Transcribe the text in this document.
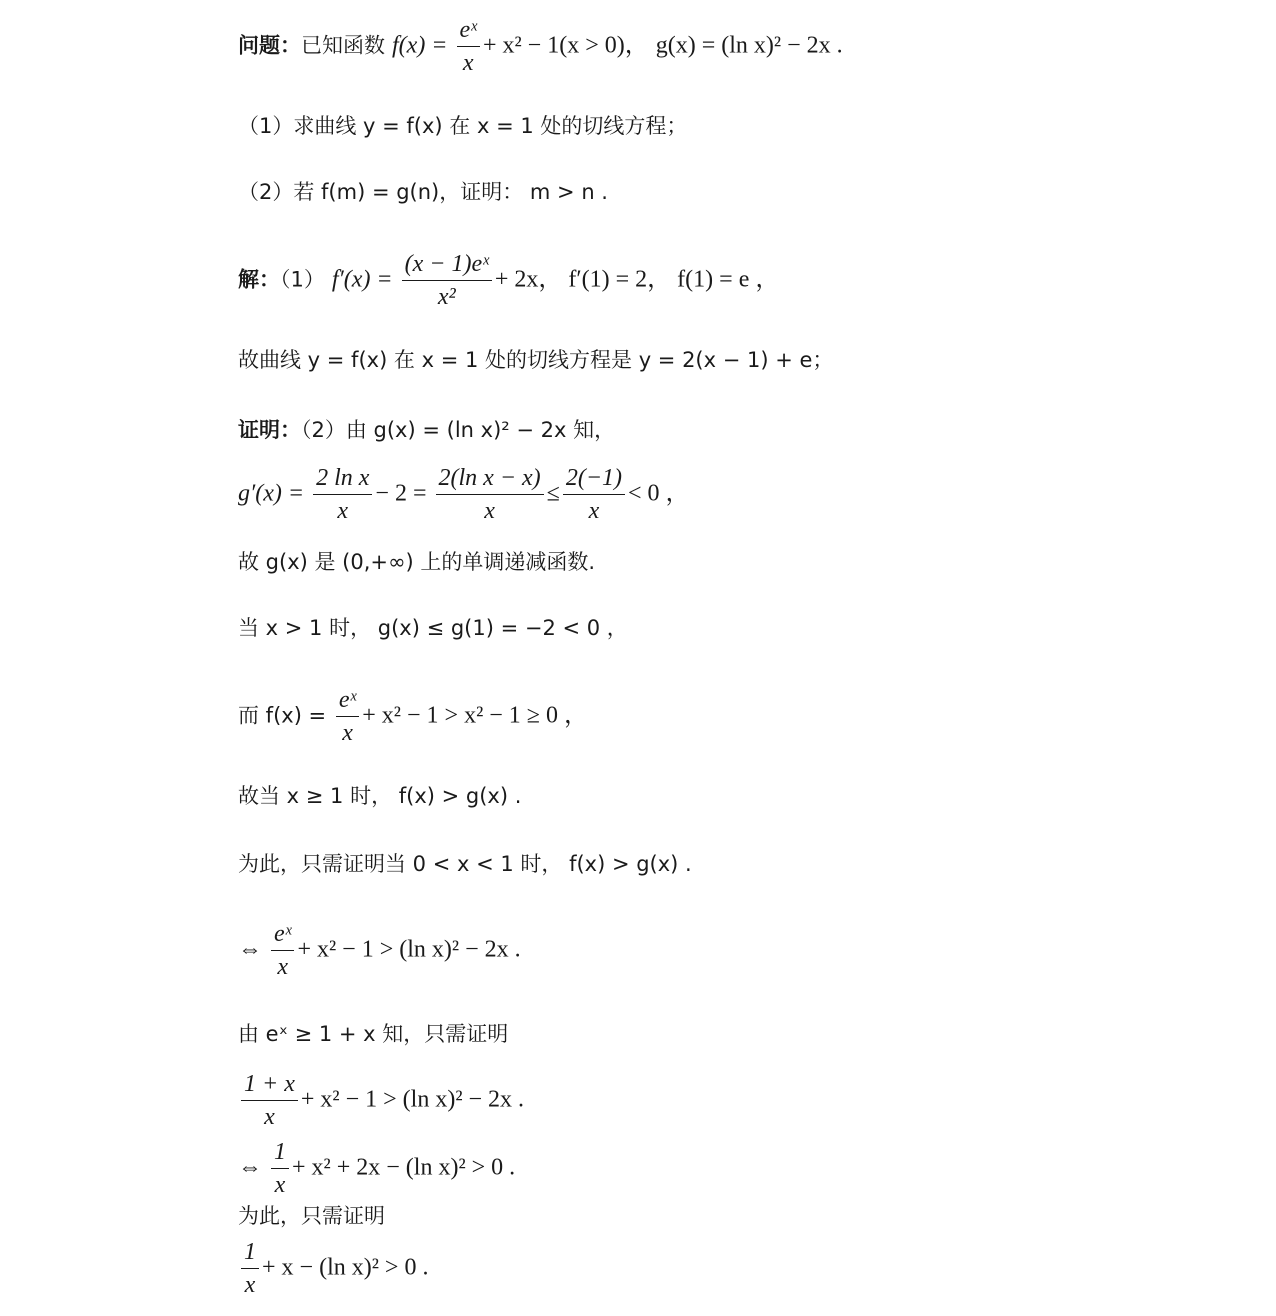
问题：已知函数 $f(x) = \frac{\text{eˣ}}{x} + x^2 - 1(x > 0)$， g(x) = (ln x)² − 2x .
（1）求曲线 y = f(x) 在 x = 1 处的切线方程；
（2）若 f(m) = g(n)，证明： m > n .
解：（1） $f'(x) = \frac{\text{(x − 1)eˣ}}{\text{x²}} + 2x$， f′(1) = 2， f(1) = e ，
故曲线 y = f(x) 在 x = 1 处的切线方程是 y = 2(x − 1) + e；
证明：（2）由 g(x) = (ln x)² − 2x 知，
$g'(x) = \frac{\text{2 ln x}}{x} - 2 = \frac{\text{2(ln x − x)}}{x} \le \frac{2(-1)}{x} < 0$ ，
故 g(x) 是 (0,+∞) 上的单调递减函数.
当 x > 1 时， g(x) ≤ g(1) = −2 < 0 ，
而 $f(x) = \frac{\text{eˣ}}{x} + x^2 - 1 > x^2 - 1 \ge 0$ ，
故当 x ≥ 1 时， f(x) > g(x) .
为此，只需证明当 0 < x < 1 时， f(x) > g(x) .
⇔ $\frac{\text{eˣ}}{x} + x^2 - 1 > (\ln$ x)² − 2x .
由 eˣ ≥ 1 + x 知，只需证明
$\frac{1 + x}{x} + x^2 - 1 > (\ln$ x)² − 2x .
⇔ $\frac{1}{x} + x^2 + 2x - (\ln$ x)² > 0 .
为此，只需证明
$\frac{1}{x} + x - (\ln$ x)² > 0 .
